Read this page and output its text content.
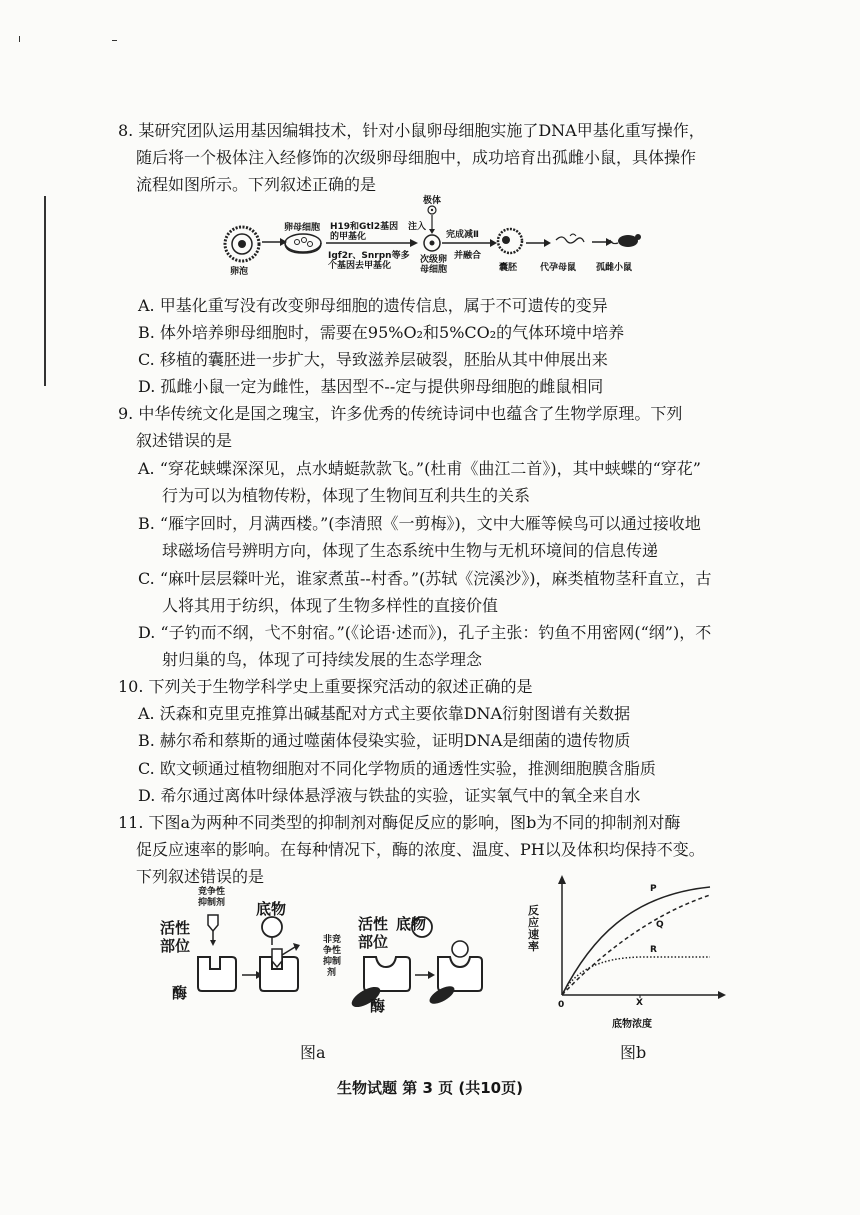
8. 某研究团队运用基因编辑技术，针对小鼠卵母细胞实施了DNA甲基化重写操作，
随后将一个极体注入经修饰的次级卵母细胞中，成功培育出孤雌小鼠，具体操作
流程如图所示。下列叙述正确的是
极体
注入
卵母细胞
卵泡
H19和Gtl2基因
的甲基化
Igf2r、Snrpn等多
个基因去甲基化
次级卵
母细胞
完成减Ⅱ
并融合
囊胚	代孕母鼠 孤雌小鼠
A. 甲基化重写没有改变卵母细胞的遗传信息，属于不可遗传的变异
B. 体外培养卵母细胞时，需要在95%O₂和5%CO₂的气体环境中培养
C. 移植的囊胚进一步扩大，导致滋养层破裂，胚胎从其中伸展出来
D. 孤雌小鼠一定为雌性，基因型不--定与提供卵母细胞的雌鼠相同
9. 中华传统文化是国之瑰宝，许多优秀的传统诗词中也蕴含了生物学原理。下列
叙述错误的是
A. “穿花蛱蝶深深见，点水蜻蜓款款飞。”(杜甫《曲江二首》)，其中蛱蝶的“穿花”
行为可以为植物传粉，体现了生物间互利共生的关系
B. “雁字回时，月满西楼。”(李清照《一剪梅》)，文中大雁等候鸟可以通过接收地
球磁场信号辨明方向，体现了生态系统中生物与无机环境间的信息传递
C. “麻叶层层檾叶光，谁家煮茧--村香。”(苏轼《浣溪沙》)，麻类植物茎秆直立，古
人将其用于纺织，体现了生物多样性的直接价值
D. “子钓而不纲，弋不射宿。”(《论语·述而》)，孔子主张：钓鱼不用密网(“纲”)，不
射归巢的鸟，体现了可持续发展的生态学理念
10. 下列关于生物学科学史上重要探究活动的叙述正确的是
A. 沃森和克里克推算出碱基配对方式主要依靠DNA衍射图谱有关数据
B. 赫尔希和蔡斯的通过噬菌体侵染实验，证明DNA是细菌的遗传物质
C. 欧文顿通过植物细胞对不同化学物质的通透性实验，推测细胞膜含脂质
D. 希尔通过离体叶绿体悬浮液与铁盐的实验，证实氧气中的氧全来自水
11. 下图a为两种不同类型的抑制剂对酶促反应的影响，图b为不同的抑制剂对酶
促反应速率的影响。在每种情况下，酶的浓度、温度、PH以及体积均保持不变。
下列叙述错误的是
竞争性
抑制剂
活性
部位
底物
酶
非竞
争性
抑制
剂
活性
部位
底物
酶
图a
反
应
速
率
P
Q
R
0	X
底物浓度
图b
生物试题 第 3 页 (共10页)
